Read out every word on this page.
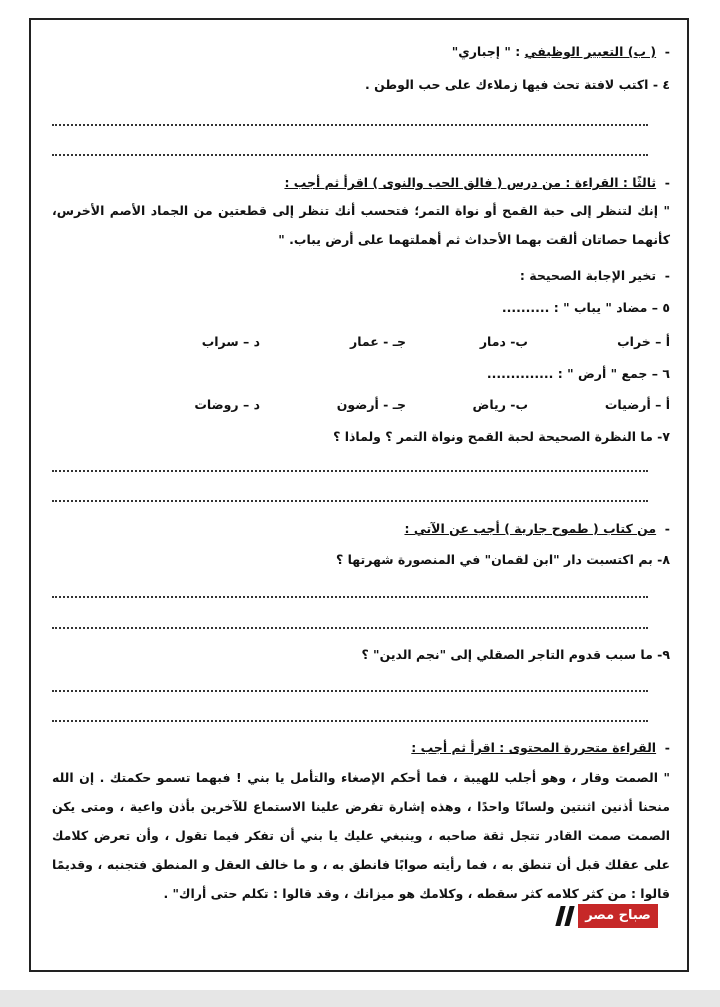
-  ( ب) التعبير الوظيفي : " إجباري"
٤ - اكتب لافتة تحث فيها زملاءك على حب الوطن .
-  ثالثًا : القراءة : من درس ( فالق الحب والنوى ) اقرأ ثم أجب :
" إنك لتنظر إلى حبة القمح أو نواة التمر؛ فتحسب أنك تنظر إلى قطعتين من الجماد الأصم الأخرس، كأنهما حصاتان ألقت بهما الأحداث ثم أهملتهما على أرض يباب. "
-  تخير الإجابة الصحيحة :
٥ – مضاد " يباب " : ..........
أ – خراب
ب- دمار
جـ - عمار
د – سراب
٦ – جمع " أرض " : ..............
أ – أرضيات
ب- رياض
جـ - أرضون
د – روضات
٧- ما النظرة الصحيحة لحبة القمح ونواة التمر ؟ ولماذا ؟
-  من كتاب ( طموح جارية ) أجب عن الآتي :
٨- بم اكتسبت دار "ابن لقمان" في المنصورة شهرتها ؟
٩- ما سبب قدوم التاجر الصقلي إلى "نجم الدين" ؟
-  القراءة متحررة المحتوى : اقرأ ثم أجب :
" الصمت وقار ، وهو أجلب للهيبة ، فما أحكم الإصغاء والتأمل يا بني ! فبهما تسمو حكمتك . إن الله منحنا أذنين اثنتين ولسانًا واحدًا ، وهذه إشارة تفرض علينا الاستماع للآخرين بأذن واعية ، ومتى يكن الصمت صمت القادر تتجل ثقة صاحبه ، وينبغي عليك يا بني أن تفكر فيما تقول ، وأن تعرض كلامك على عقلك قبل أن تنطق به ، فما رأيته صوابًا فانطق به ، و ما خالف العقل و المنطق فتجنبه ، وقديمًا قالوا : من كثر كلامه كثر سقطه ، وكلامك هو ميزانك ، وقد قالوا : تكلم حتى أراك" .
صباح مصر
